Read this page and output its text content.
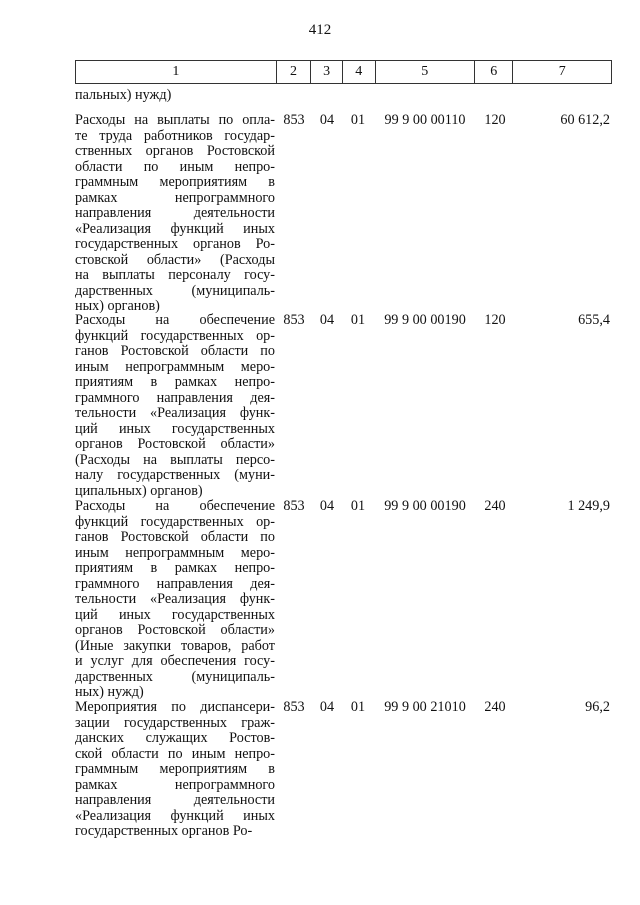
412
1	2	3	4	5	6	7
пальных) нужд)
Расходы на выплаты по опла-
те труда работников государ-
ственных органов Ростовской
области по иным непро-
граммным мероприятиям в
рамках непрограммного
направления деятельности
«Реализация функций иных
государственных органов Ро-
стовской области» (Расходы
на выплаты персоналу госу-
дарственных (муниципаль-
ных) органов)
853	04	01	99 9 00 00110	120	60 612,2
Расходы на обеспечение
функций государственных ор-
ганов Ростовской области по
иным непрограммным меро-
приятиям в рамках непро-
граммного направления дея-
тельности «Реализация функ-
ций иных государственных
органов Ростовской области»
(Расходы на выплаты персо-
налу государственных (муни-
ципальных) органов)
853	04	01	99 9 00 00190	120	655,4
Расходы на обеспечение
функций государственных ор-
ганов Ростовской области по
иным непрограммным меро-
приятиям в рамках непро-
граммного направления дея-
тельности «Реализация функ-
ций иных государственных
органов Ростовской области»
(Иные закупки товаров, работ
и услуг для обеспечения госу-
дарственных (муниципаль-
ных) нужд)
853	04	01	99 9 00 00190	240	1 249,9
Мероприятия по диспансери-
зации государственных граж-
данских служащих Ростов-
ской области по иным непро-
граммным мероприятиям в
рамках непрограммного
направления деятельности
«Реализация функций иных
государственных органов Ро-
853	04	01	99 9 00 21010	240	96,2
